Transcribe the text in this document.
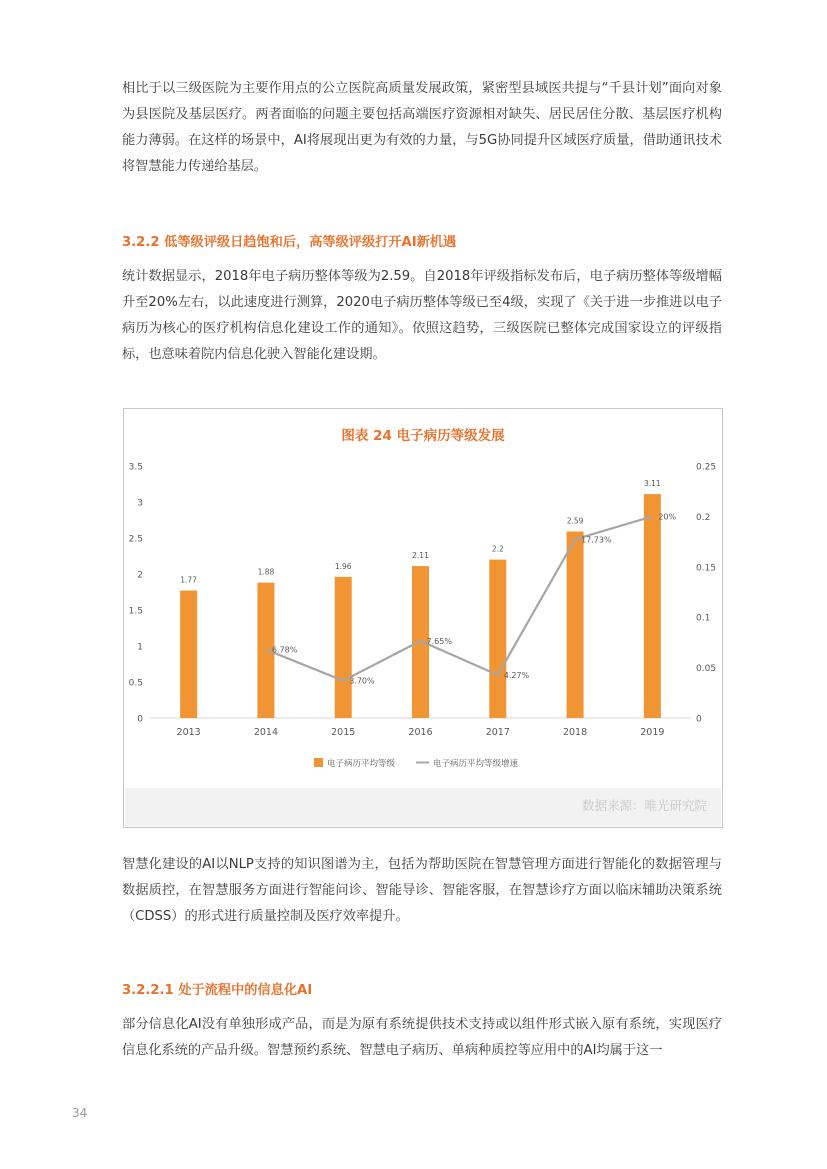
相比于以三级医院为主要作用点的公立医院高质量发展政策，紧密型县域医共提与“千县计划”面向对象为县医院及基层医疗。两者面临的问题主要包括高端医疗资源相对缺失、居民居住分散、基层医疗机构能力薄弱。在这样的场景中，AI将展现出更为有效的力量，与5G协同提升区域医疗质量，借助通讯技术将智慧能力传递给基层。

3.2.2 低等级评级日趋饱和后，高等级评级打开AI新机遇

统计数据显示，2018年电子病历整体等级为2.59。自2018年评级指标发布后，电子病历整体等级增幅升至20%左右，以此速度进行测算，2020电子病历整体等级已至4级，实现了《关于进一步推进以电子病历为核心的医疗机构信息化建设工作的通知》。依照这趋势，三级医院已整体完成国家设立的评级指标，也意味着院内信息化驶入智能化建设期。

图表 24 电子病历等级发展
0
0.5
1
1.5
2
2.5
3
3.5
0
0.05
0.1
0.15
0.2
0.25
1.77
1.88
1.96
2.11
2.2
2.59
3.11
2013	2014	2015	2016	2017	2018	2019
6.78%
3.70%
7.65%
4.27%
17.73%
20%
电子病历平均等级	电子病历平均等级增速
数据来源：唯光研究院

智慧化建设的AI以NLP支持的知识图谱为主，包括为帮助医院在智慧管理方面进行智能化的数据管理与数据质控，在智慧服务方面进行智能问诊、智能导诊、智能客服，在智慧诊疗方面以临床辅助决策系统（CDSS）的形式进行质量控制及医疗效率提升。

3.2.2.1 处于流程中的信息化AI

部分信息化AI没有单独形成产品，而是为原有系统提供技术支持或以组件形式嵌入原有系统，实现医疗信息化系统的产品升级。智慧预约系统、智慧电子病历、单病种质控等应用中的AI均属于这一

34
